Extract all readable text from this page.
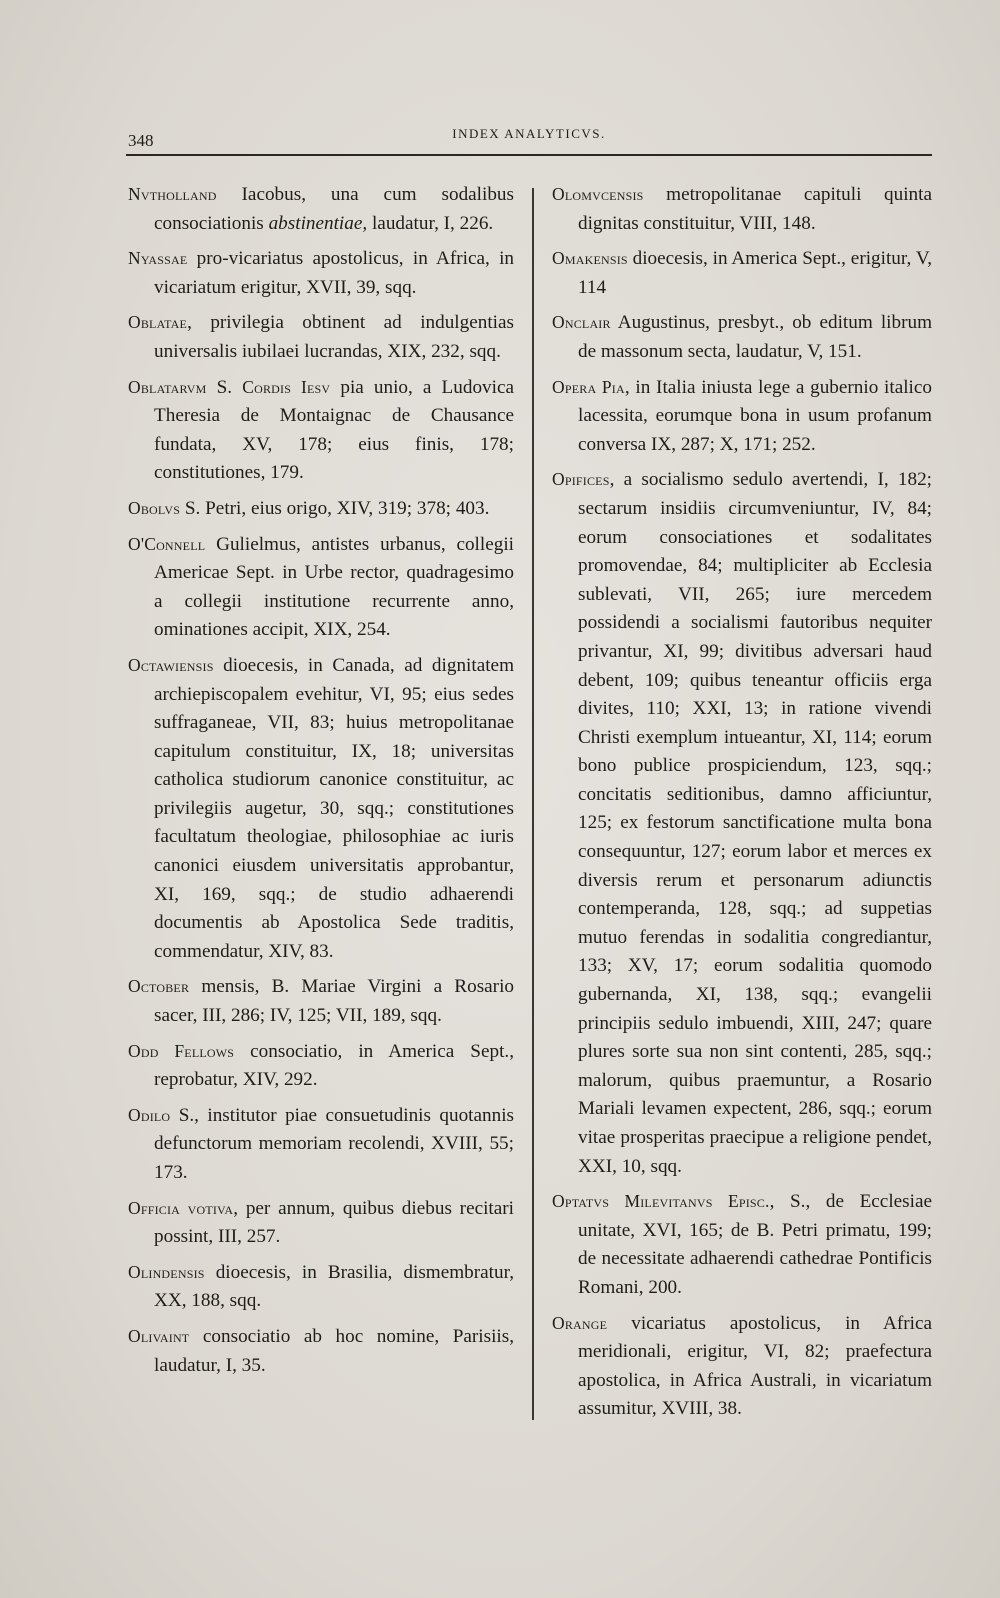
348	INDEX ANALYTICVS.

Nvtholland Iacobus, una cum sodalibus consociationis abstinentiae, laudatur, I, 226.

Nyassae pro-vicariatus apostolicus, in Africa, in vicariatum erigitur, XVII, 39, sqq.

Oblatae, privilegia obtinent ad indulgentias universalis iubilaei lucrandas, XIX, 232, sqq.

Oblatarvm S. Cordis Iesv pia unio, a Ludovica Theresia de Montaignac de Chausance fundata, XV, 178; eius finis, 178; constitutiones, 179.

Obolvs S. Petri, eius origo, XIV, 319; 378; 403.

O'Connell Gulielmus, antistes urbanus, collegii Americae Sept. in Urbe rector, quadragesimo a collegii institutione recurrente anno, ominationes accipit, XIX, 254.

Octawiensis dioecesis, in Canada, ad dignitatem archiepiscopalem evehitur, VI, 95; eius sedes suffraganeae, VII, 83; huius metropolitanae capitulum constituitur, IX, 18; universitas catholica studiorum canonice constituitur, ac privilegiis augetur, 30, sqq.; constitutiones facultatum theologiae, philosophiae ac iuris canonici eiusdem universitatis approbantur, XI, 169, sqq.; de studio adhaerendi documentis ab Apostolica Sede traditis, commendatur, XIV, 83.

October mensis, B. Mariae Virgini a Rosario sacer, III, 286; IV, 125; VII, 189, sqq.

Odd Fellows consociatio, in America Sept., reprobatur, XIV, 292.

Odilo S., institutor piae consuetudinis quotannis defunctorum memoriam recolendi, XVIII, 55; 173.

Officia votiva, per annum, quibus diebus recitari possint, III, 257.

Olindensis dioecesis, in Brasilia, dismembratur, XX, 188, sqq.

Olivaint consociatio ab hoc nomine, Parisiis, laudatur, I, 35.

Olomvcensis metropolitanae capituli quinta dignitas constituitur, VIII, 148.

Omakensis dioecesis, in America Sept., erigitur, V, 114

Onclair Augustinus, presbyt., ob editum librum de massonum secta, laudatur, V, 151.

Opera Pia, in Italia iniusta lege a gubernio italico lacessita, eorumque bona in usum profanum conversa IX, 287; X, 171; 252.

Opifices, a socialismo sedulo avertendi, I, 182; sectarum insidiis circumveniuntur, IV, 84; eorum consociationes et sodalitates promovendae, 84; multipliciter ab Ecclesia sublevati, VII, 265; iure mercedem possidendi a socialismi fautoribus nequiter privantur, XI, 99; divitibus adversari haud debent, 109; quibus teneantur officiis erga divites, 110; XXI, 13; in ratione vivendi Christi exemplum intueantur, XI, 114; eorum bono publice prospiciendum, 123, sqq.; concitatis seditionibus, damno afficiuntur, 125; ex festorum sanctificatione multa bona consequuntur, 127; eorum labor et merces ex diversis rerum et personarum adiunctis contemperanda, 128, sqq.; ad suppetias mutuo ferendas in sodalitia congrediantur, 133; XV, 17; eorum sodalitia quomodo gubernanda, XI, 138, sqq.; evangelii principiis sedulo imbuendi, XIII, 247; quare plures sorte sua non sint contenti, 285, sqq.; malorum, quibus praemuntur, a Rosario Mariali levamen expectent, 286, sqq.; eorum vitae prosperitas praecipue a religione pendet, XXI, 10, sqq.

Optatvs Milevitanvs Episc., S., de Ecclesiae unitate, XVI, 165; de B. Petri primatu, 199; de necessitate adhaerendi cathedrae Pontificis Romani, 200.

Orange vicariatus apostolicus, in Africa meridionali, erigitur, VI, 82; praefectura apostolica, in Africa Australi, in vicariatum assumitur, XVIII, 38.
